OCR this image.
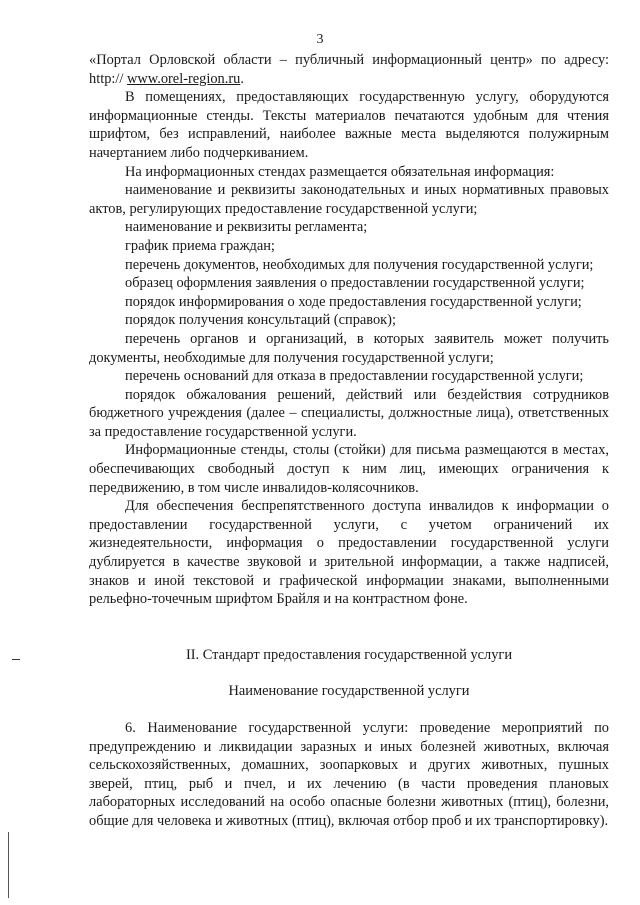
3

«Портал Орловской области – публичный информационный центр» по адресу: http:// www.orel-region.ru.

В помещениях, предоставляющих государственную услугу, оборудуются информационные стенды. Тексты материалов печатаются удобным для чтения шрифтом, без исправлений, наиболее важные места выделяются полужирным начертанием либо подчеркиванием.

На информационных стендах размещается обязательная информация:

наименование и реквизиты законодательных и иных нормативных правовых актов, регулирующих предоставление государственной услуги;

наименование и реквизиты регламента;

график приема граждан;

перечень документов, необходимых для получения государственной услуги;

образец оформления заявления о предоставлении государственной услуги;

порядок информирования о ходе предоставления государственной услуги;

порядок получения консультаций (справок);

перечень органов и организаций, в которых заявитель может получить документы, необходимые для получения государственной услуги;

перечень оснований для отказа в предоставлении государственной услуги;

порядок обжалования решений, действий или бездействия сотрудников бюджетного учреждения (далее – специалисты, должностные лица), ответственных за предоставление государственной услуги.

Информационные стенды, столы (стойки) для письма размещаются в местах, обеспечивающих свободный доступ к ним лиц, имеющих ограничения к передвижению, в том числе инвалидов-колясочников.

Для обеспечения беспрепятственного доступа инвалидов к информации о предоставлении государственной услуги, с учетом ограничений их жизнедеятельности, информация о предоставлении государственной услуги дублируется в качестве звуковой и зрительной информации, а также надписей, знаков и иной текстовой и графической информации знаками, выполненными рельефно-точечным шрифтом Брайля и на контрастном фоне.

II. Стандарт предоставления государственной услуги

Наименование государственной услуги

6. Наименование государственной услуги: проведение мероприятий по предупреждению и ликвидации заразных и иных болезней животных, включая сельскохозяйственных, домашних, зоопарковых и других животных, пушных зверей, птиц, рыб и пчел, и их лечению (в части проведения плановых лабораторных исследований на особо опасные болезни животных (птиц), болезни, общие для человека и животных (птиц), включая отбор проб и их транспортировку).
